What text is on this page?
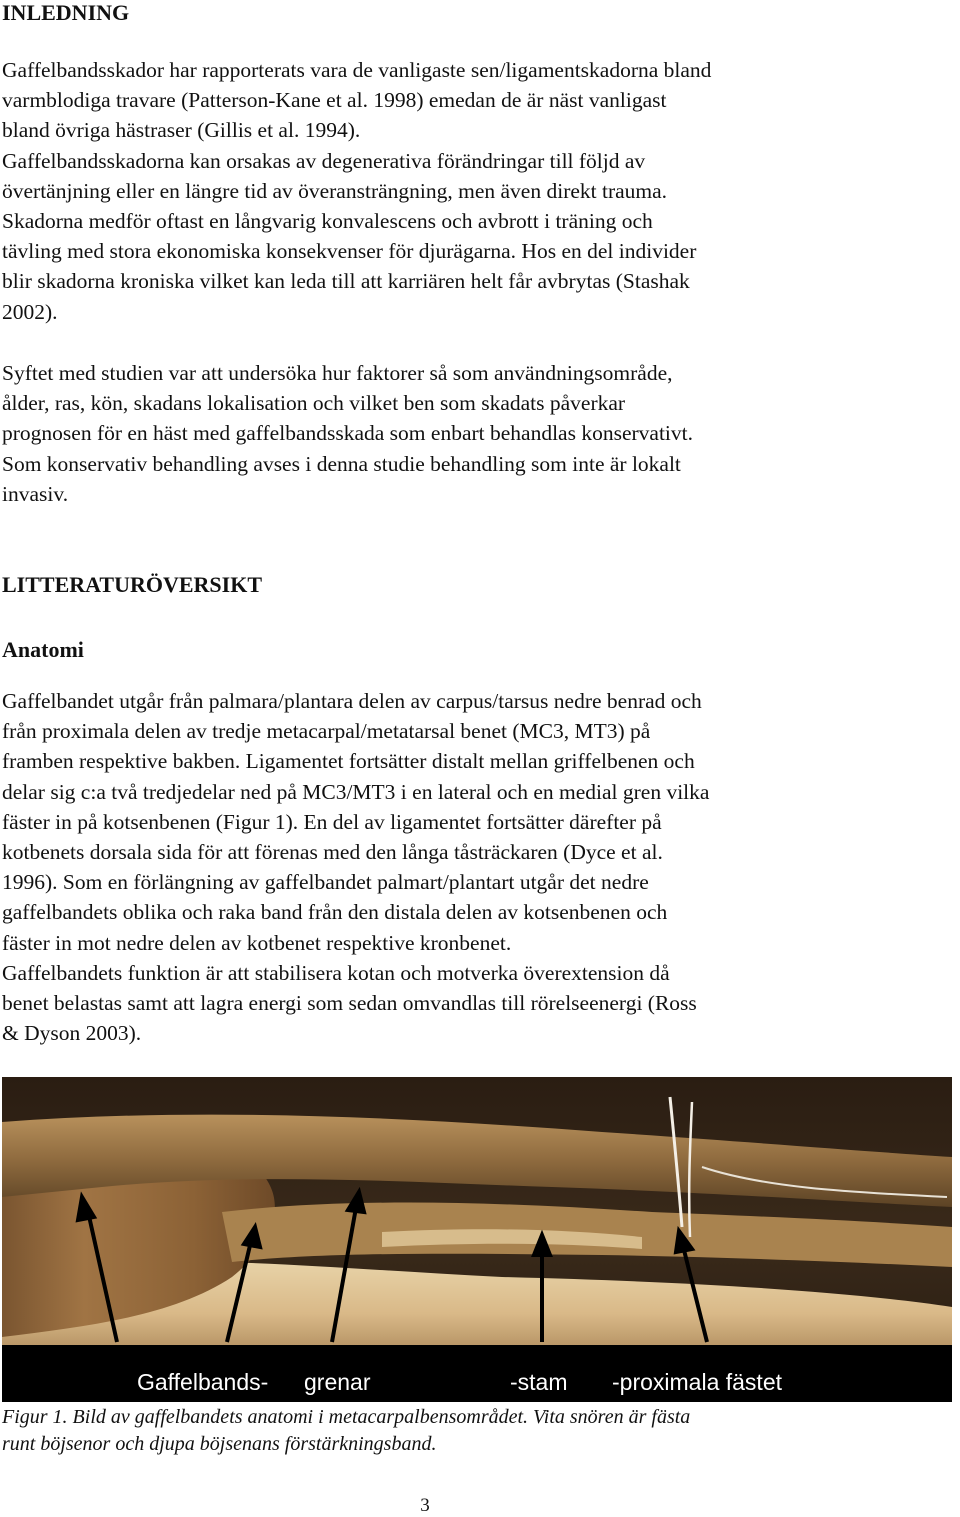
INLEDNING

Gaffelbandsskador har rapporterats vara de vanligaste sen/ligamentskadorna bland
varmblodiga travare (Patterson-Kane et al. 1998) emedan de är näst vanligast
bland övriga hästraser (Gillis et al. 1994).
Gaffelbandsskadorna kan orsakas av degenerativa förändringar till följd av
övertänjning eller en längre tid av överansträngning, men även direkt trauma.
Skadorna medför oftast en långvarig konvalescens och avbrott i träning och
tävling med stora ekonomiska konsekvenser för djurägarna. Hos en del individer
blir skadorna kroniska vilket kan leda till att karriären helt får avbrytas (Stashak
2002).

Syftet med studien var att undersöka hur faktorer så som användningsområde,
ålder, ras, kön, skadans lokalisation och vilket ben som skadats påverkar
prognosen för en häst med gaffelbandsskada som enbart behandlas konservativt.
Som konservativ behandling avses i denna studie behandling som inte är lokalt
invasiv.

LITTERATURÖVERSIKT
Anatomi

Gaffelbandet utgår från palmara/plantara delen av carpus/tarsus nedre benrad och
från proximala delen av tredje metacarpal/metatarsal benet (MC3, MT3) på
framben respektive bakben. Ligamentet fortsätter distalt mellan griffelbenen och
delar sig c:a två tredjedelar ned på MC3/MT3 i en lateral och en medial gren vilka
fäster in på kotsenbenen (Figur 1). En del av ligamentet fortsätter därefter på
kotbenets dorsala sida för att förenas med den långa tåsträckaren (Dyce et al.
1996). Som en förlängning av gaffelbandet palmart/plantart utgår det nedre
gaffelbandets oblika och raka band från den distala delen av kotsenbenen och
fäster in mot nedre delen av kotbenet respektive kronbenet.

Gaffelbandets funktion är att stabilisera kotan och motverka överextension då
benet belastas samt att lagra energi som sedan omvandlas till rörelseenergi (Ross
& Dyson 2003).

Gaffelbands- grenar	-stam -proximala fästet

Figur 1. Bild av gaffelbandets anatomi i metacarpalbensområdet. Vita snören är fästa
runt böjsenor och djupa böjsenans förstärkningsband.

3
